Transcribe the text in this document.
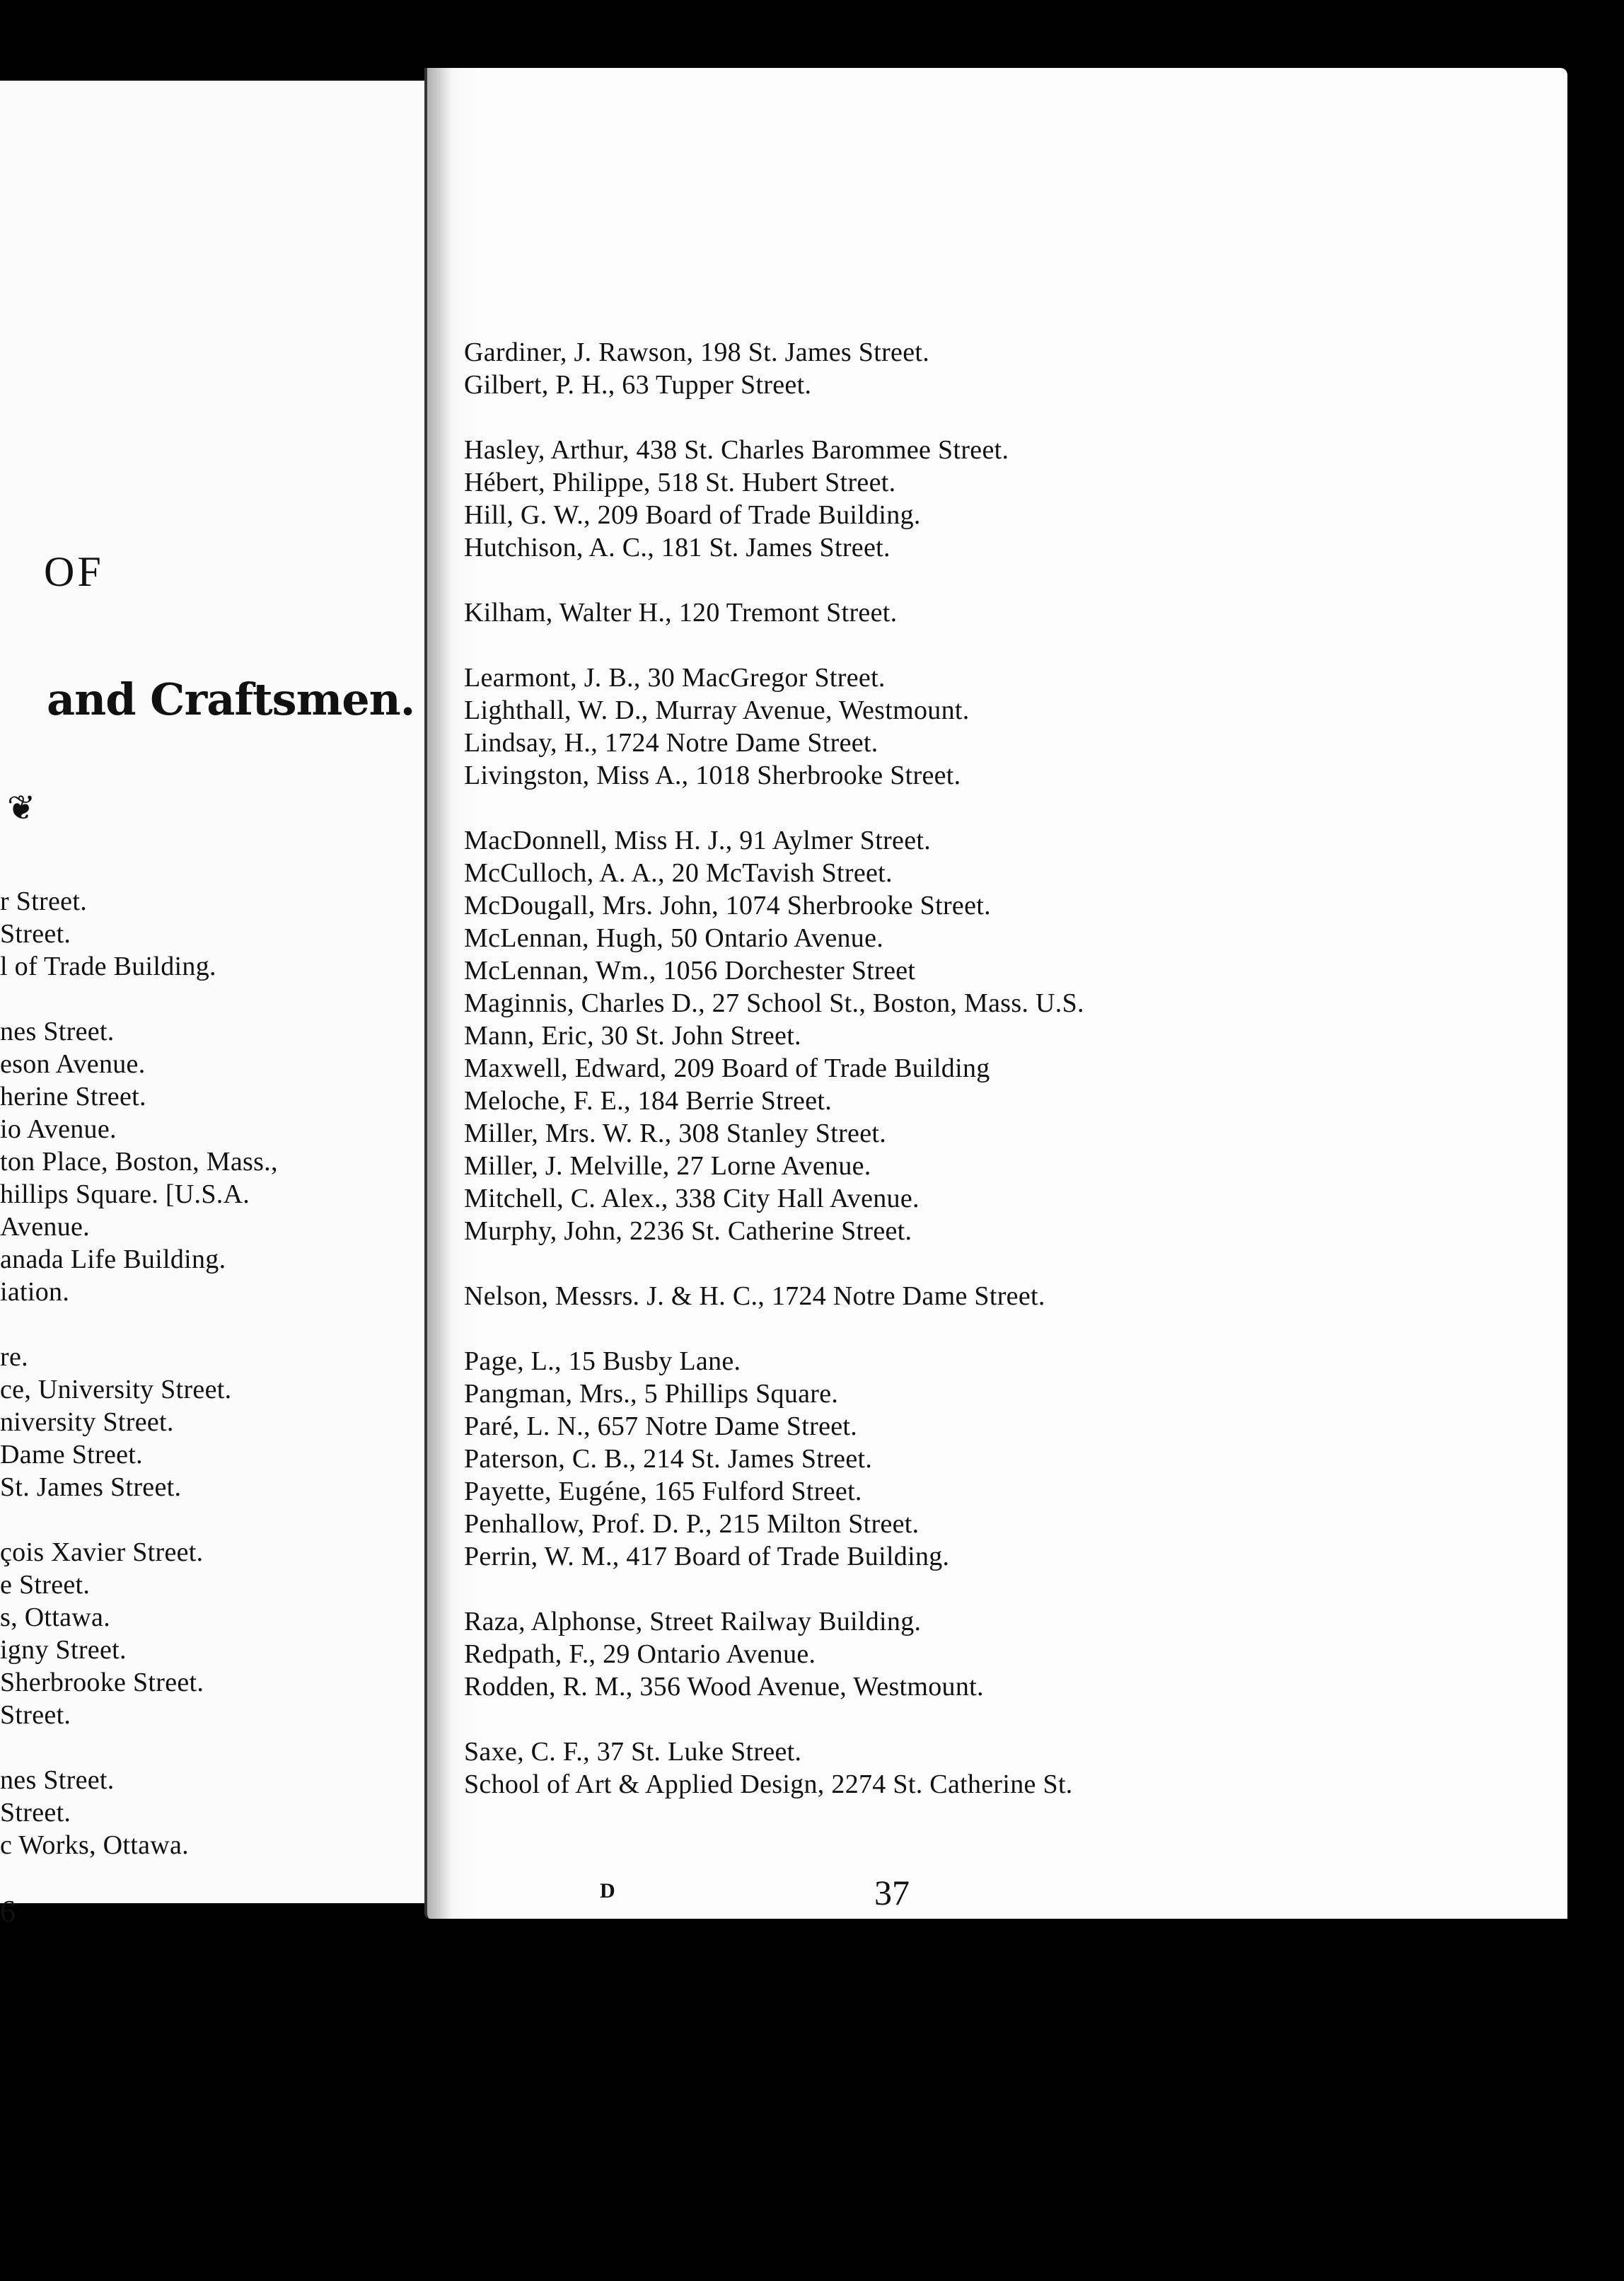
OF
and Craftsmen.
❦
r Street.
Street.
l of Trade Building.
nes Street.
eson Avenue.
herine Street.
io Avenue.
ton Place, Boston, Mass.,
hillips Square. [U.S.A.
Avenue.
anada Life Building.
iation.
re.
ce, University Street.
niversity Street.
Dame Street.
St. James Street.
çois Xavier Street.
e Street.
s, Ottawa.
igny Street.
Sherbrooke Street.
Street.
nes Street.
Street.
c Works, Ottawa.
6
Gardiner, J. Rawson, 198 St. James Street.
Gilbert, P. H., 63 Tupper Street.
Hasley, Arthur, 438 St. Charles Barommee Street.
Hébert, Philippe, 518 St. Hubert Street.
Hill, G. W., 209 Board of Trade Building.
Hutchison, A. C., 181 St. James Street.
Kilham, Walter H., 120 Tremont Street.
Learmont, J. B., 30 MacGregor Street.
Lighthall, W. D., Murray Avenue, Westmount.
Lindsay, H., 1724 Notre Dame Street.
Livingston, Miss A., 1018 Sherbrooke Street.
MacDonnell, Miss H. J., 91 Aylmer Street.
McCulloch, A. A., 20 McTavish Street.
McDougall, Mrs. John, 1074 Sherbrooke Street.
McLennan, Hugh, 50 Ontario Avenue.
McLennan, Wm., 1056 Dorchester Street
Maginnis, Charles D., 27 School St., Boston, Mass. U.S.
Mann, Eric, 30 St. John Street.
Maxwell, Edward, 209 Board of Trade Building
Meloche, F. E., 184 Berrie Street.
Miller, Mrs. W. R., 308 Stanley Street.
Miller, J. Melville, 27 Lorne Avenue.
Mitchell, C. Alex., 338 City Hall Avenue.
Murphy, John, 2236 St. Catherine Street.
Nelson, Messrs. J. & H. C., 1724 Notre Dame Street.
Page, L., 15 Busby Lane.
Pangman, Mrs., 5 Phillips Square.
Paré, L. N., 657 Notre Dame Street.
Paterson, C. B., 214 St. James Street.
Payette, Eugéne, 165 Fulford Street.
Penhallow, Prof. D. P., 215 Milton Street.
Perrin, W. M., 417 Board of Trade Building.
Raza, Alphonse, Street Railway Building.
Redpath, F., 29 Ontario Avenue.
Rodden, R. M., 356 Wood Avenue, Westmount.
Saxe, C. F., 37 St. Luke Street.
School of Art & Applied Design, 2274 St. Catherine St.
D	37
